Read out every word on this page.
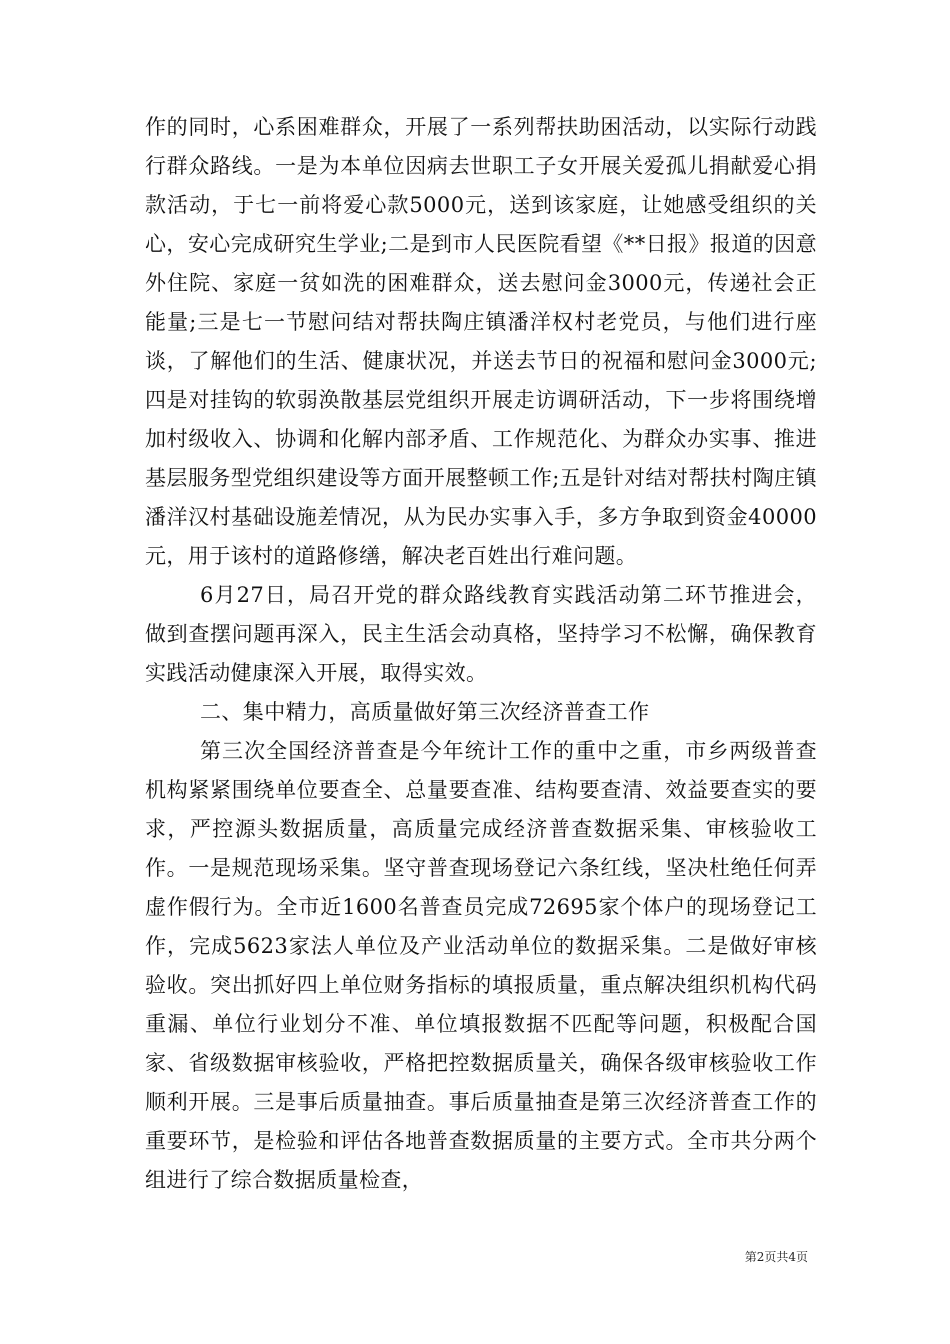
作的同时，心系困难群众，开展了一系列帮扶助困活动，以实际行动践行群众路线。一是为本单位因病去世职工子女开展关爱孤儿捐献爱心捐款活动，于七一前将爱心款5000元，送到该家庭，让她感受组织的关心，安心完成研究生学业;二是到市人民医院看望《**日报》报道的因意外住院、家庭一贫如洗的困难群众，送去慰问金3000元，传递社会正能量;三是七一节慰问结对帮扶陶庄镇潘洋权村老党员，与他们进行座谈，了解他们的生活、健康状况，并送去节日的祝福和慰问金3000元;四是对挂钩的软弱涣散基层党组织开展走访调研活动，下一步将围绕增加村级收入、协调和化解内部矛盾、工作规范化、为群众办实事、推进基层服务型党组织建设等方面开展整顿工作;五是针对结对帮扶村陶庄镇潘洋汉村基础设施差情况，从为民办实事入手，多方争取到资金40000元，用于该村的道路修缮，解决老百姓出行难问题。

6月27日，局召开党的群众路线教育实践活动第二环节推进会，做到查摆问题再深入，民主生活会动真格，坚持学习不松懈，确保教育实践活动健康深入开展，取得实效。

二、集中精力，高质量做好第三次经济普查工作

第三次全国经济普查是今年统计工作的重中之重，市乡两级普查机构紧紧围绕单位要查全、总量要查准、结构要查清、效益要查实的要求，严控源头数据质量，高质量完成经济普查数据采集、审核验收工作。一是规范现场采集。坚守普查现场登记六条红线，坚决杜绝任何弄虚作假行为。全市近1600名普查员完成72695家个体户的现场登记工作，完成5623家法人单位及产业活动单位的数据采集。二是做好审核验收。突出抓好四上单位财务指标的填报质量，重点解决组织机构代码重漏、单位行业划分不准、单位填报数据不匹配等问题，积极配合国家、省级数据审核验收，严格把控数据质量关，确保各级审核验收工作顺利开展。三是事后质量抽查。事后质量抽查是第三次经济普查工作的重要环节，是检验和评估各地普查数据质量的主要方式。全市共分两个组进行了综合数据质量检查，

第2页共4页
